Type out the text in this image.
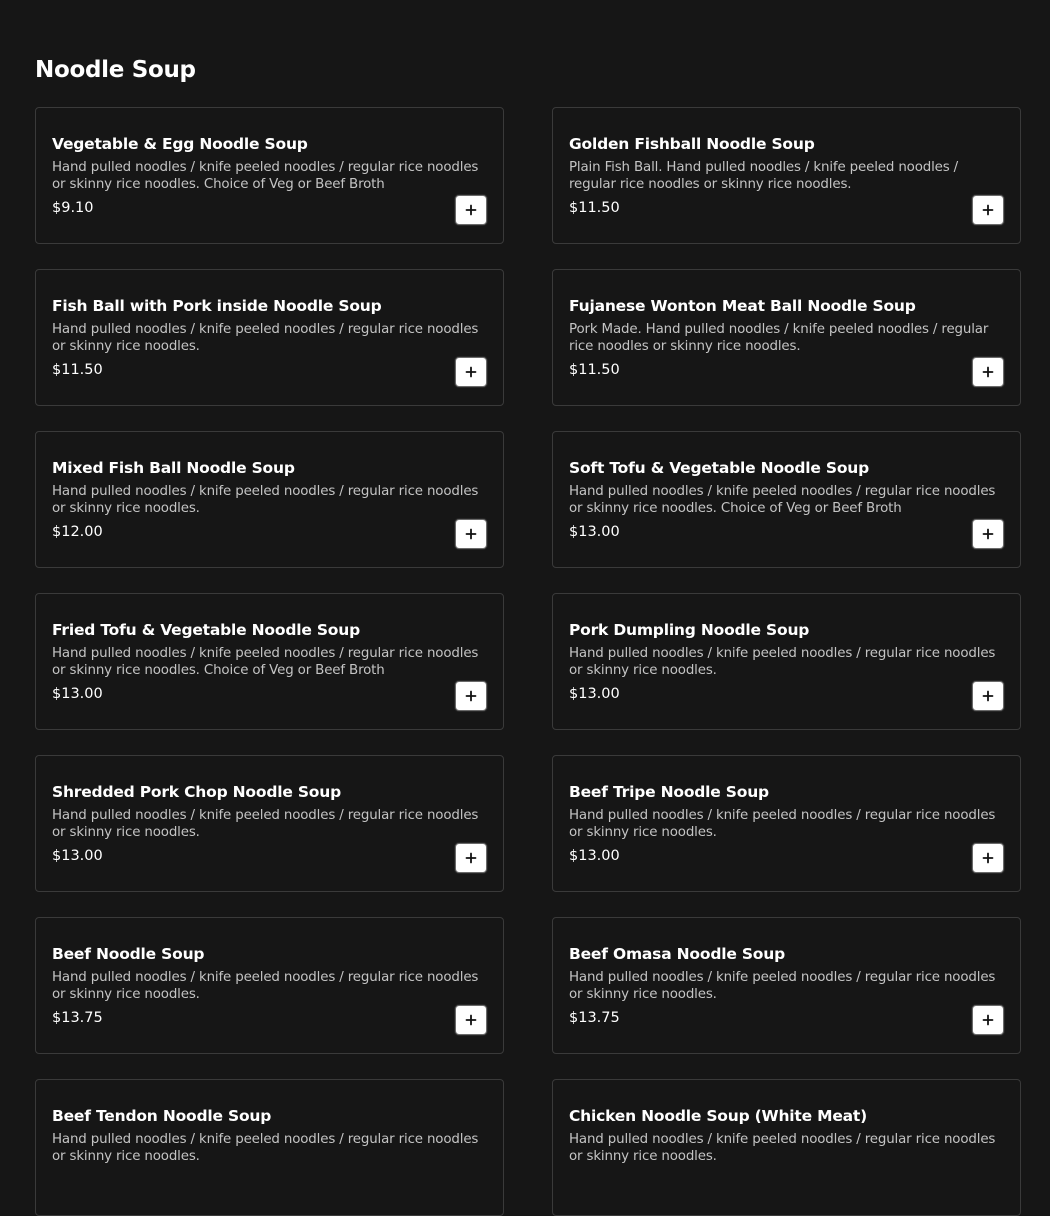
Noodle Soup
Vegetable & Egg Noodle Soup
Hand pulled noodles / knife peeled noodles / regular rice noodles or skinny rice noodles. Choice of Veg or Beef Broth
$9.10
Golden Fishball Noodle Soup
Plain Fish Ball. Hand pulled noodles / knife peeled noodles / regular rice noodles or skinny rice noodles.
$11.50
Fish Ball with Pork inside Noodle Soup
Hand pulled noodles / knife peeled noodles / regular rice noodles or skinny rice noodles.
$11.50
Fujanese Wonton Meat Ball Noodle Soup
Pork Made. Hand pulled noodles / knife peeled noodles / regular rice noodles or skinny rice noodles.
$11.50
Mixed Fish Ball Noodle Soup
Hand pulled noodles / knife peeled noodles / regular rice noodles or skinny rice noodles.
$12.00
Soft Tofu & Vegetable Noodle Soup
Hand pulled noodles / knife peeled noodles / regular rice noodles or skinny rice noodles. Choice of Veg or Beef Broth
$13.00
Fried Tofu & Vegetable Noodle Soup
Hand pulled noodles / knife peeled noodles / regular rice noodles or skinny rice noodles. Choice of Veg or Beef Broth
$13.00
Pork Dumpling Noodle Soup
Hand pulled noodles / knife peeled noodles / regular rice noodles or skinny rice noodles.
$13.00
Shredded Pork Chop Noodle Soup
Hand pulled noodles / knife peeled noodles / regular rice noodles or skinny rice noodles.
$13.00
Beef Tripe Noodle Soup
Hand pulled noodles / knife peeled noodles / regular rice noodles or skinny rice noodles.
$13.00
Beef Noodle Soup
Hand pulled noodles / knife peeled noodles / regular rice noodles or skinny rice noodles.
$13.75
Beef Omasa Noodle Soup
Hand pulled noodles / knife peeled noodles / regular rice noodles or skinny rice noodles.
$13.75
Beef Tendon Noodle Soup
Hand pulled noodles / knife peeled noodles / regular rice noodles or skinny rice noodles.
Chicken Noodle Soup (White Meat)
Hand pulled noodles / knife peeled noodles / regular rice noodles or skinny rice noodles.
